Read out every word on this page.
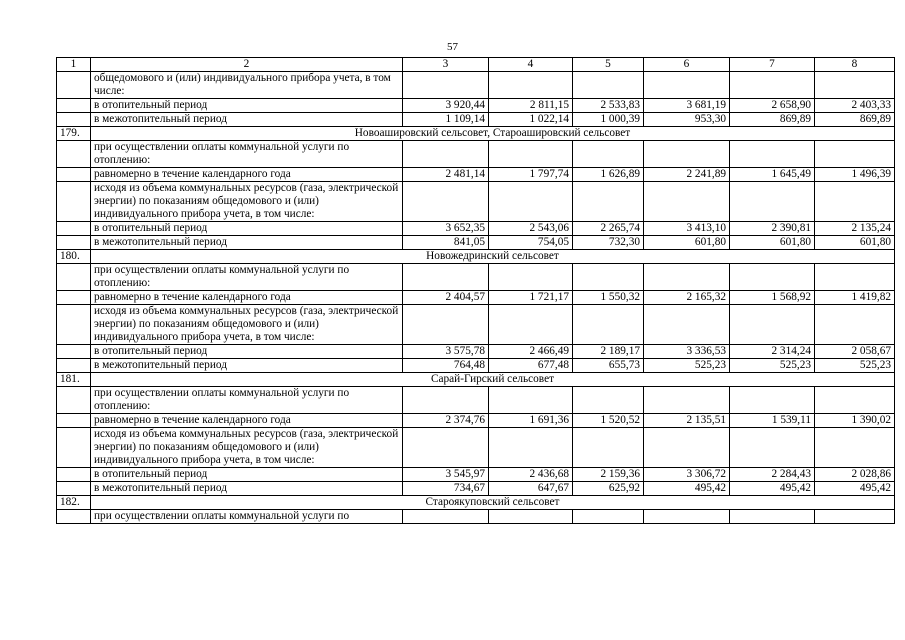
57
1	2	3	4	5	6	7	8
	общедомового и (или) индивидуального прибора учета, в том числе:						
	в отопительный период	3 920,44	2 811,15	2 533,83	3 681,19	2 658,90	2 403,33
	в межотопительный период	1 109,14	1 022,14	1 000,39	953,30	869,89	869,89
179.	Новоаширoвский сельсовет, Староаширoвский сельсовет						
	при осуществлении оплаты коммунальной услуги по отоплению:						
	равномерно в течение календарного года	2 481,14	1 797,74	1 626,89	2 241,89	1 645,49	1 496,39
	исходя из объема коммунальных ресурсов (газа, электрической энергии) по показаниям общедомового и (или) индивидуального прибора учета, в том числе:						
	в отопительный период	3 652,35	2 543,06	2 265,74	3 413,10	2 390,81	2 135,24
	в межотопительный период	841,05	754,05	732,30	601,80	601,80	601,80
180.	Новожедринский сельсовет						
	при осуществлении оплаты коммунальной услуги по отоплению:						
	равномерно в течение календарного года	2 404,57	1 721,17	1 550,32	2 165,32	1 568,92	1 419,82
	исходя из объема коммунальных ресурсов (газа, электрической энергии) по показаниям общедомового и (или) индивидуального прибора учета, в том числе:						
	в отопительный период	3 575,78	2 466,49	2 189,17	3 336,53	2 314,24	2 058,67
	в межотопительный период	764,48	677,48	655,73	525,23	525,23	525,23
181.	Сарай-Гирский сельсовет						
	при осуществлении оплаты коммунальной услуги по отоплению:						
	равномерно в течение календарного года	2 374,76	1 691,36	1 520,52	2 135,51	1 539,11	1 390,02
	исходя из объема коммунальных ресурсов (газа, электрической энергии) по показаниям общедомового и (или) индивидуального прибора учета, в том числе:						
	в отопительный период	3 545,97	2 436,68	2 159,36	3 306,72	2 284,43	2 028,86
	в межотопительный период	734,67	647,67	625,92	495,42	495,42	495,42
182.	Староякуповский сельсовет						
	при осуществлении оплаты коммунальной услуги по						
